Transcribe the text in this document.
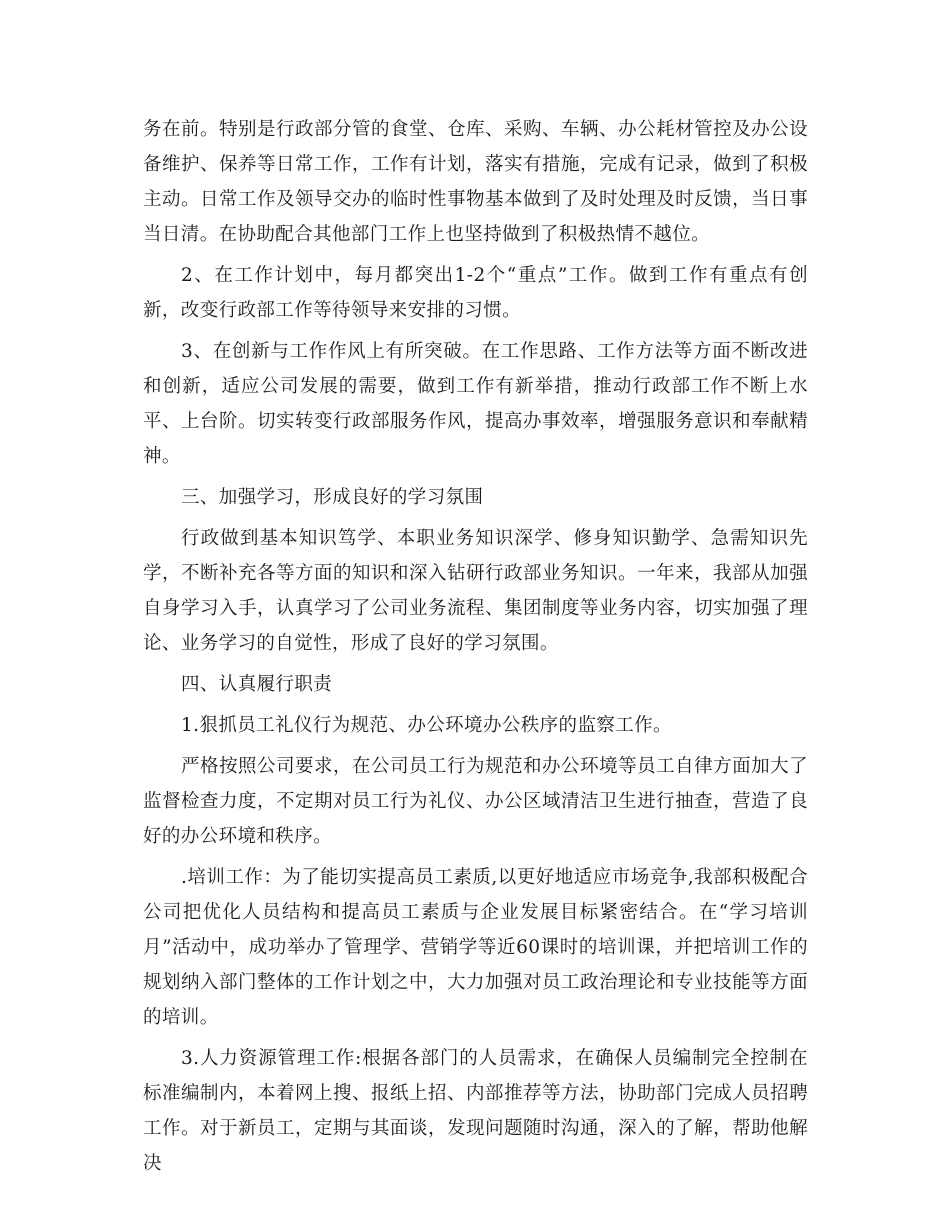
务在前。特别是行政部分管的食堂、仓库、采购、车辆、办公耗材管控及办公设备维护、保养等日常工作，工作有计划，落实有措施，完成有记录，做到了积极主动。日常工作及领导交办的临时性事物基本做到了及时处理及时反馈，当日事当日清。在协助配合其他部门工作上也坚持做到了积极热情不越位。

2、在工作计划中，每月都突出1-2个“重点”工作。做到工作有重点有创新，改变行政部工作等待领导来安排的习惯。

3、在创新与工作作风上有所突破。在工作思路、工作方法等方面不断改进和创新，适应公司发展的需要，做到工作有新举措，推动行政部工作不断上水平、上台阶。切实转变行政部服务作风，提高办事效率，增强服务意识和奉献精神。

三、加强学习，形成良好的学习氛围

行政做到基本知识笃学、本职业务知识深学、修身知识勤学、急需知识先学，不断补充各等方面的知识和深入钻研行政部业务知识。一年来，我部从加强自身学习入手，认真学习了公司业务流程、集团制度等业务内容，切实加强了理论、业务学习的自觉性，形成了良好的学习氛围。

四、认真履行职责

1.狠抓员工礼仪行为规范、办公环境办公秩序的监察工作。

严格按照公司要求，在公司员工行为规范和办公环境等员工自律方面加大了监督检查力度，不定期对员工行为礼仪、办公区域清洁卫生进行抽查，营造了良好的办公环境和秩序。

.培训工作：为了能切实提高员工素质,以更好地适应市场竞争,我部积极配合公司把优化人员结构和提高员工素质与企业发展目标紧密结合。在“学习培训月”活动中，成功举办了管理学、营销学等近60课时的培训课，并把培训工作的规划纳入部门整体的工作计划之中，大力加强对员工政治理论和专业技能等方面的培训。

3.人力资源管理工作:根据各部门的人员需求，在确保人员编制完全控制在标准编制内，本着网上搜、报纸上招、内部推荐等方法，协助部门完成人员招聘工作。对于新员工，定期与其面谈，发现问题随时沟通，深入的了解，帮助他解决
